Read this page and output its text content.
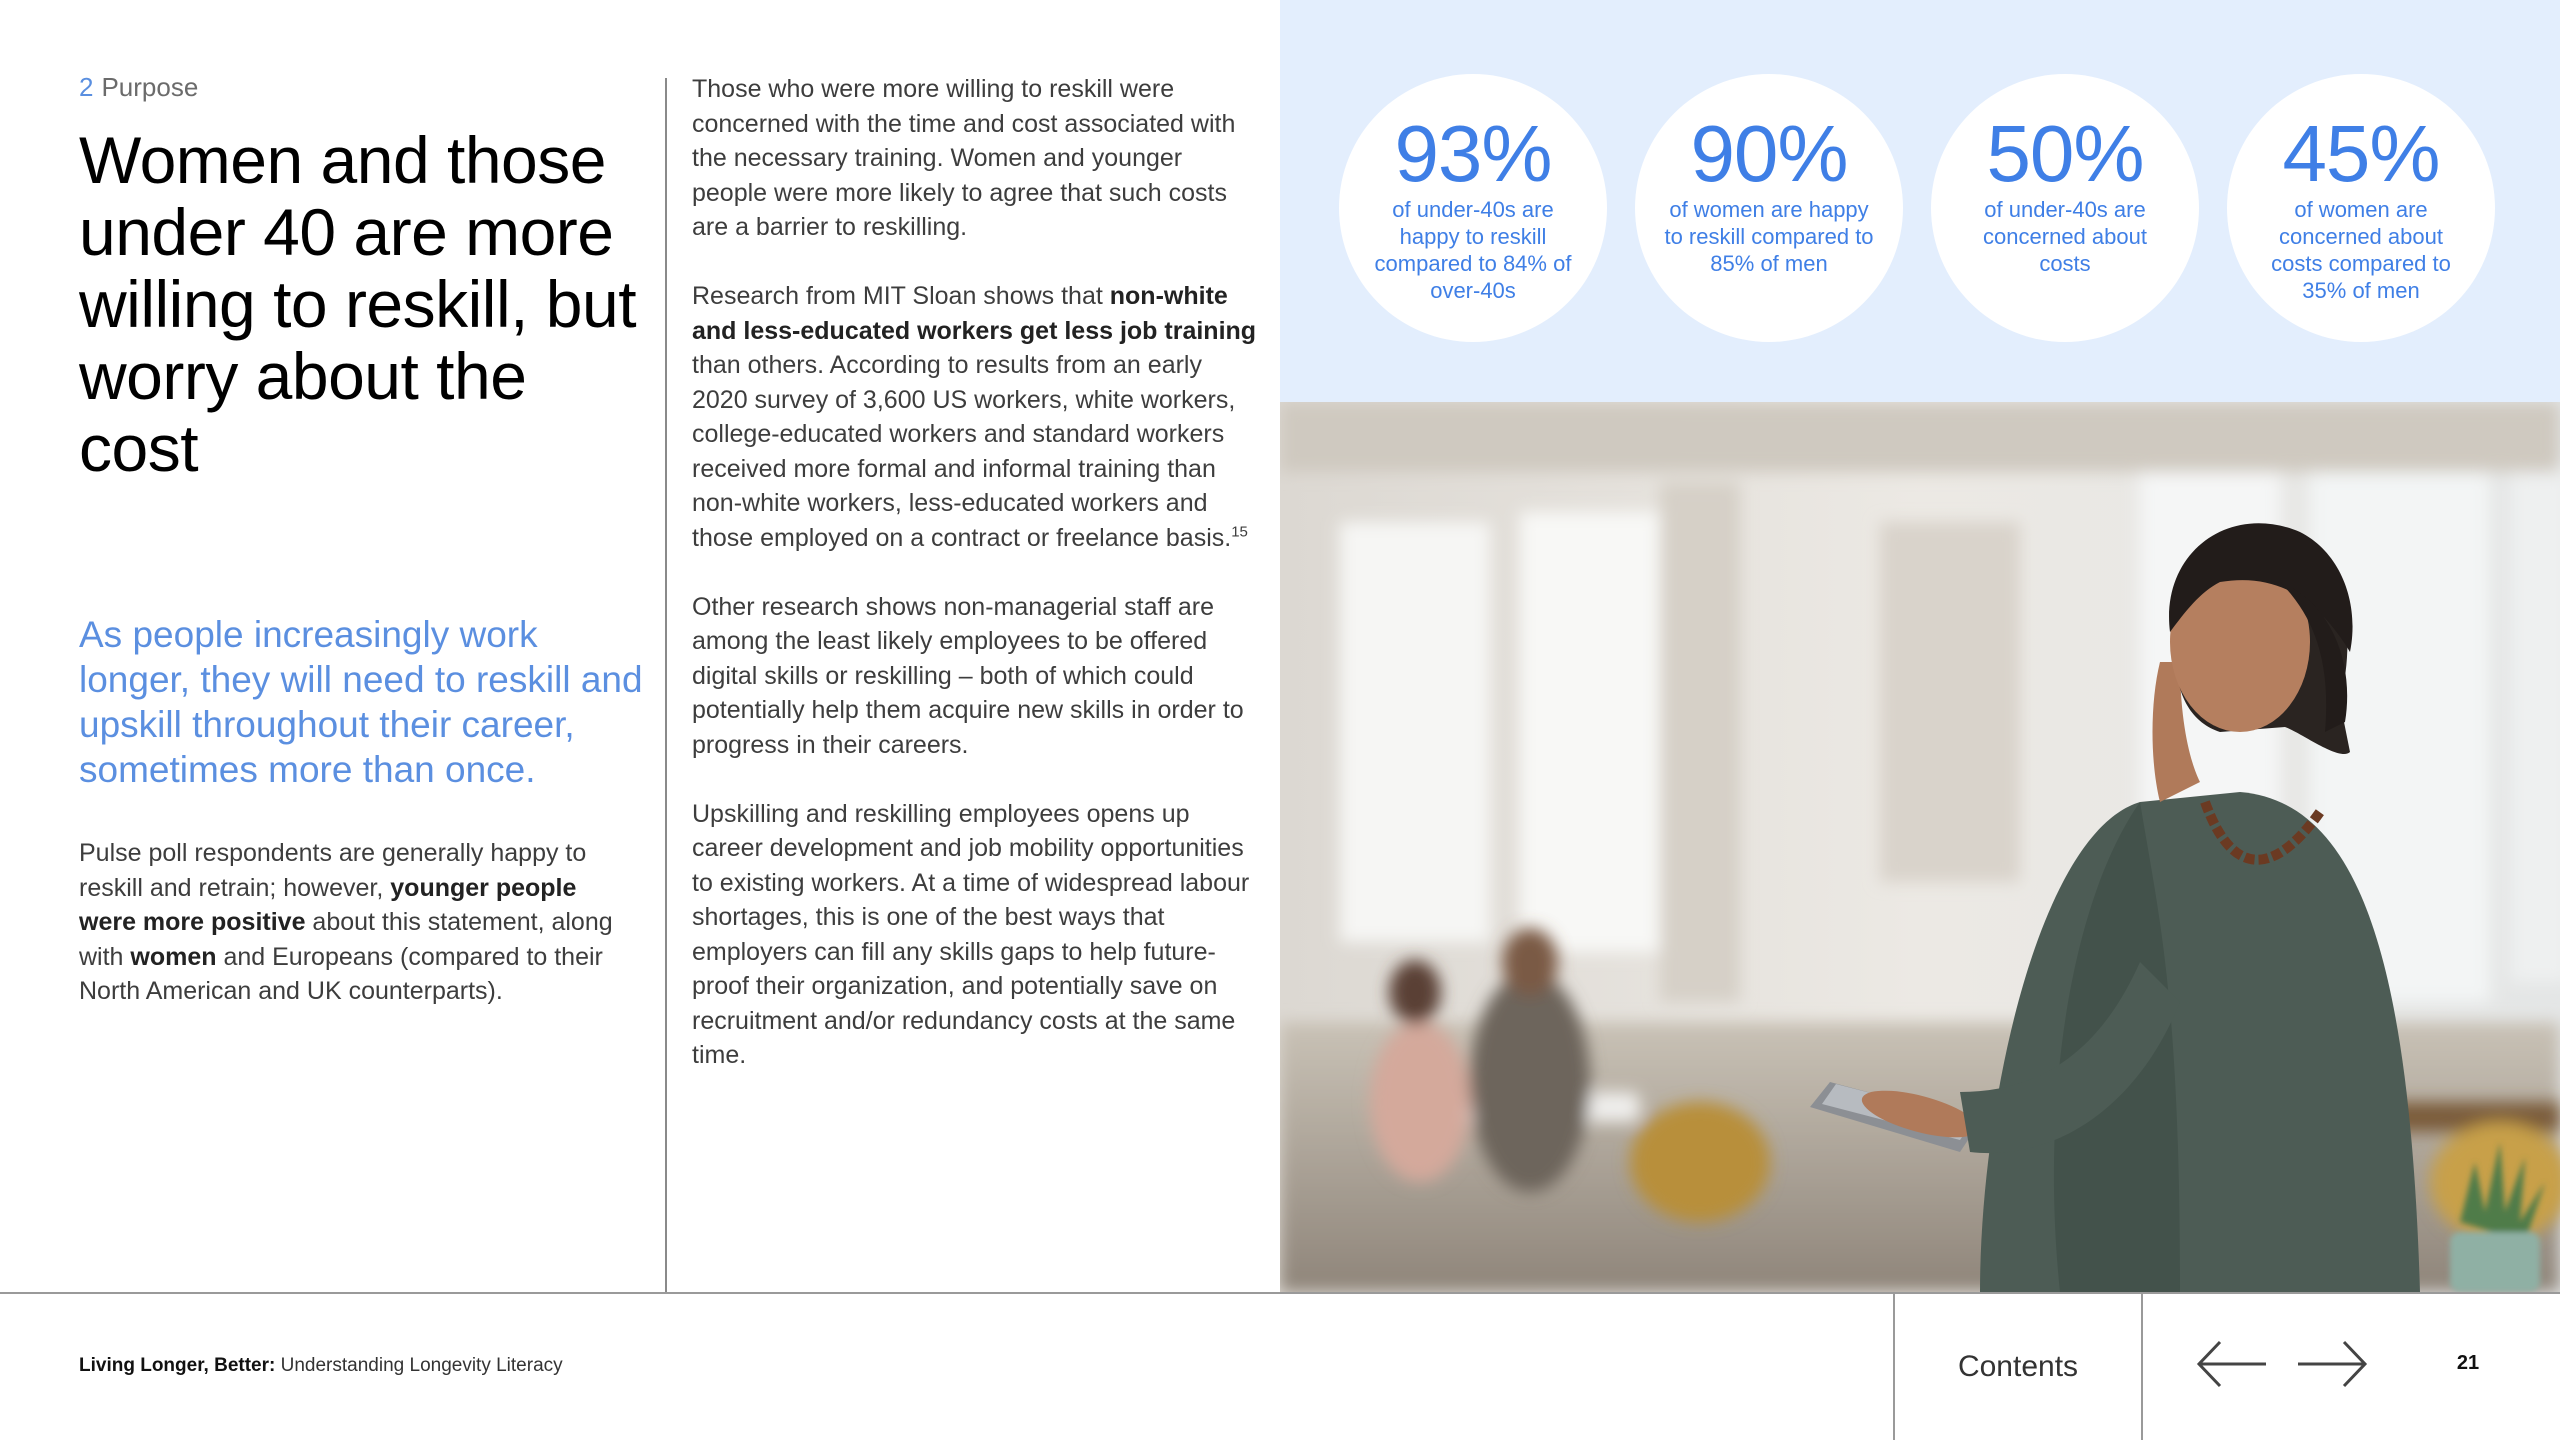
2 Purpose
Women and those under 40 are more willing to reskill, but worry about the cost

As people increasingly work longer, they will need to reskill and upskill throughout their career, sometimes more than once.

Pulse poll respondents are generally happy to reskill and retrain; however, younger people were more positive about this statement, along with women and Europeans (compared to their North American and UK counterparts).

Those who were more willing to reskill were concerned with the time and cost associated with the necessary training. Women and younger people were more likely to agree that such costs are a barrier to reskilling.

Research from MIT Sloan shows that non-white and less-educated workers get less job training than others. According to results from an early 2020 survey of 3,600 US workers, white workers, college-educated workers and standard workers received more formal and informal training than non-white workers, less-educated workers and those employed on a contract or freelance basis.$^{15}$

Other research shows non-managerial staff are among the least likely employees to be offered digital skills or reskilling – both of which could potentially help them acquire new skills in order to progress in their careers.

Upskilling and reskilling employees opens up career development and job mobility opportunities to existing workers. At a time of widespread labour shortages, this is one of the best ways that employers can fill any skills gaps to help future-proof their organization, and potentially save on recruitment and/or redundancy costs at the same time.

93%
of under-40s are happy to reskill compared to 84% of over-40s
90%
of women are happy to reskill compared to 85% of men
50%
of under-40s are concerned about costs
45%
of women are concerned about costs compared to 35% of men
Living Longer, Better: Understanding Longevity Literacy	Contents	21
